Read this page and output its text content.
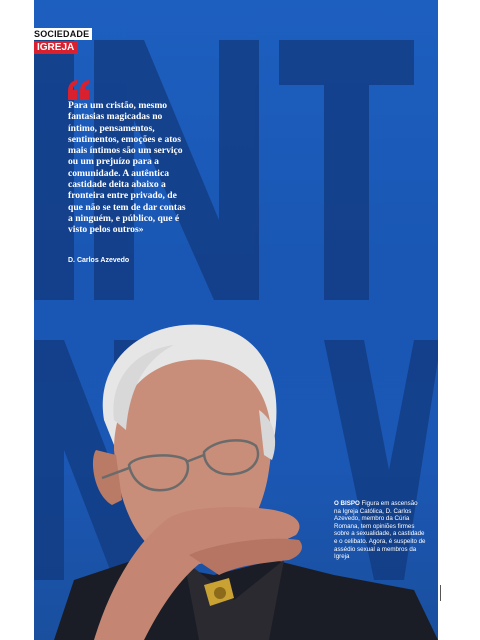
SOCIEDADE
IGREJA

Para um cristão, mesmo fantasias magicadas no íntimo, pensamentos, sentimentos, emoções e atos mais íntimos são um serviço ou um prejuízo para a comunidade. A autêntica castidade deita abaixo a fronteira entre privado, de que não se tem de dar contas a ninguém, e público, que é visto pelos outros»

D. Carlos Azevedo
O BISPO Figura em ascensão na Igreja Católica, D. Carlos Azevedo, membro da Cúria Romana, tem opiniões firmes sobre a sexualidade, a castidade e o celibato. Agora, é suspeito de assédio sexual a membros da Igreja
